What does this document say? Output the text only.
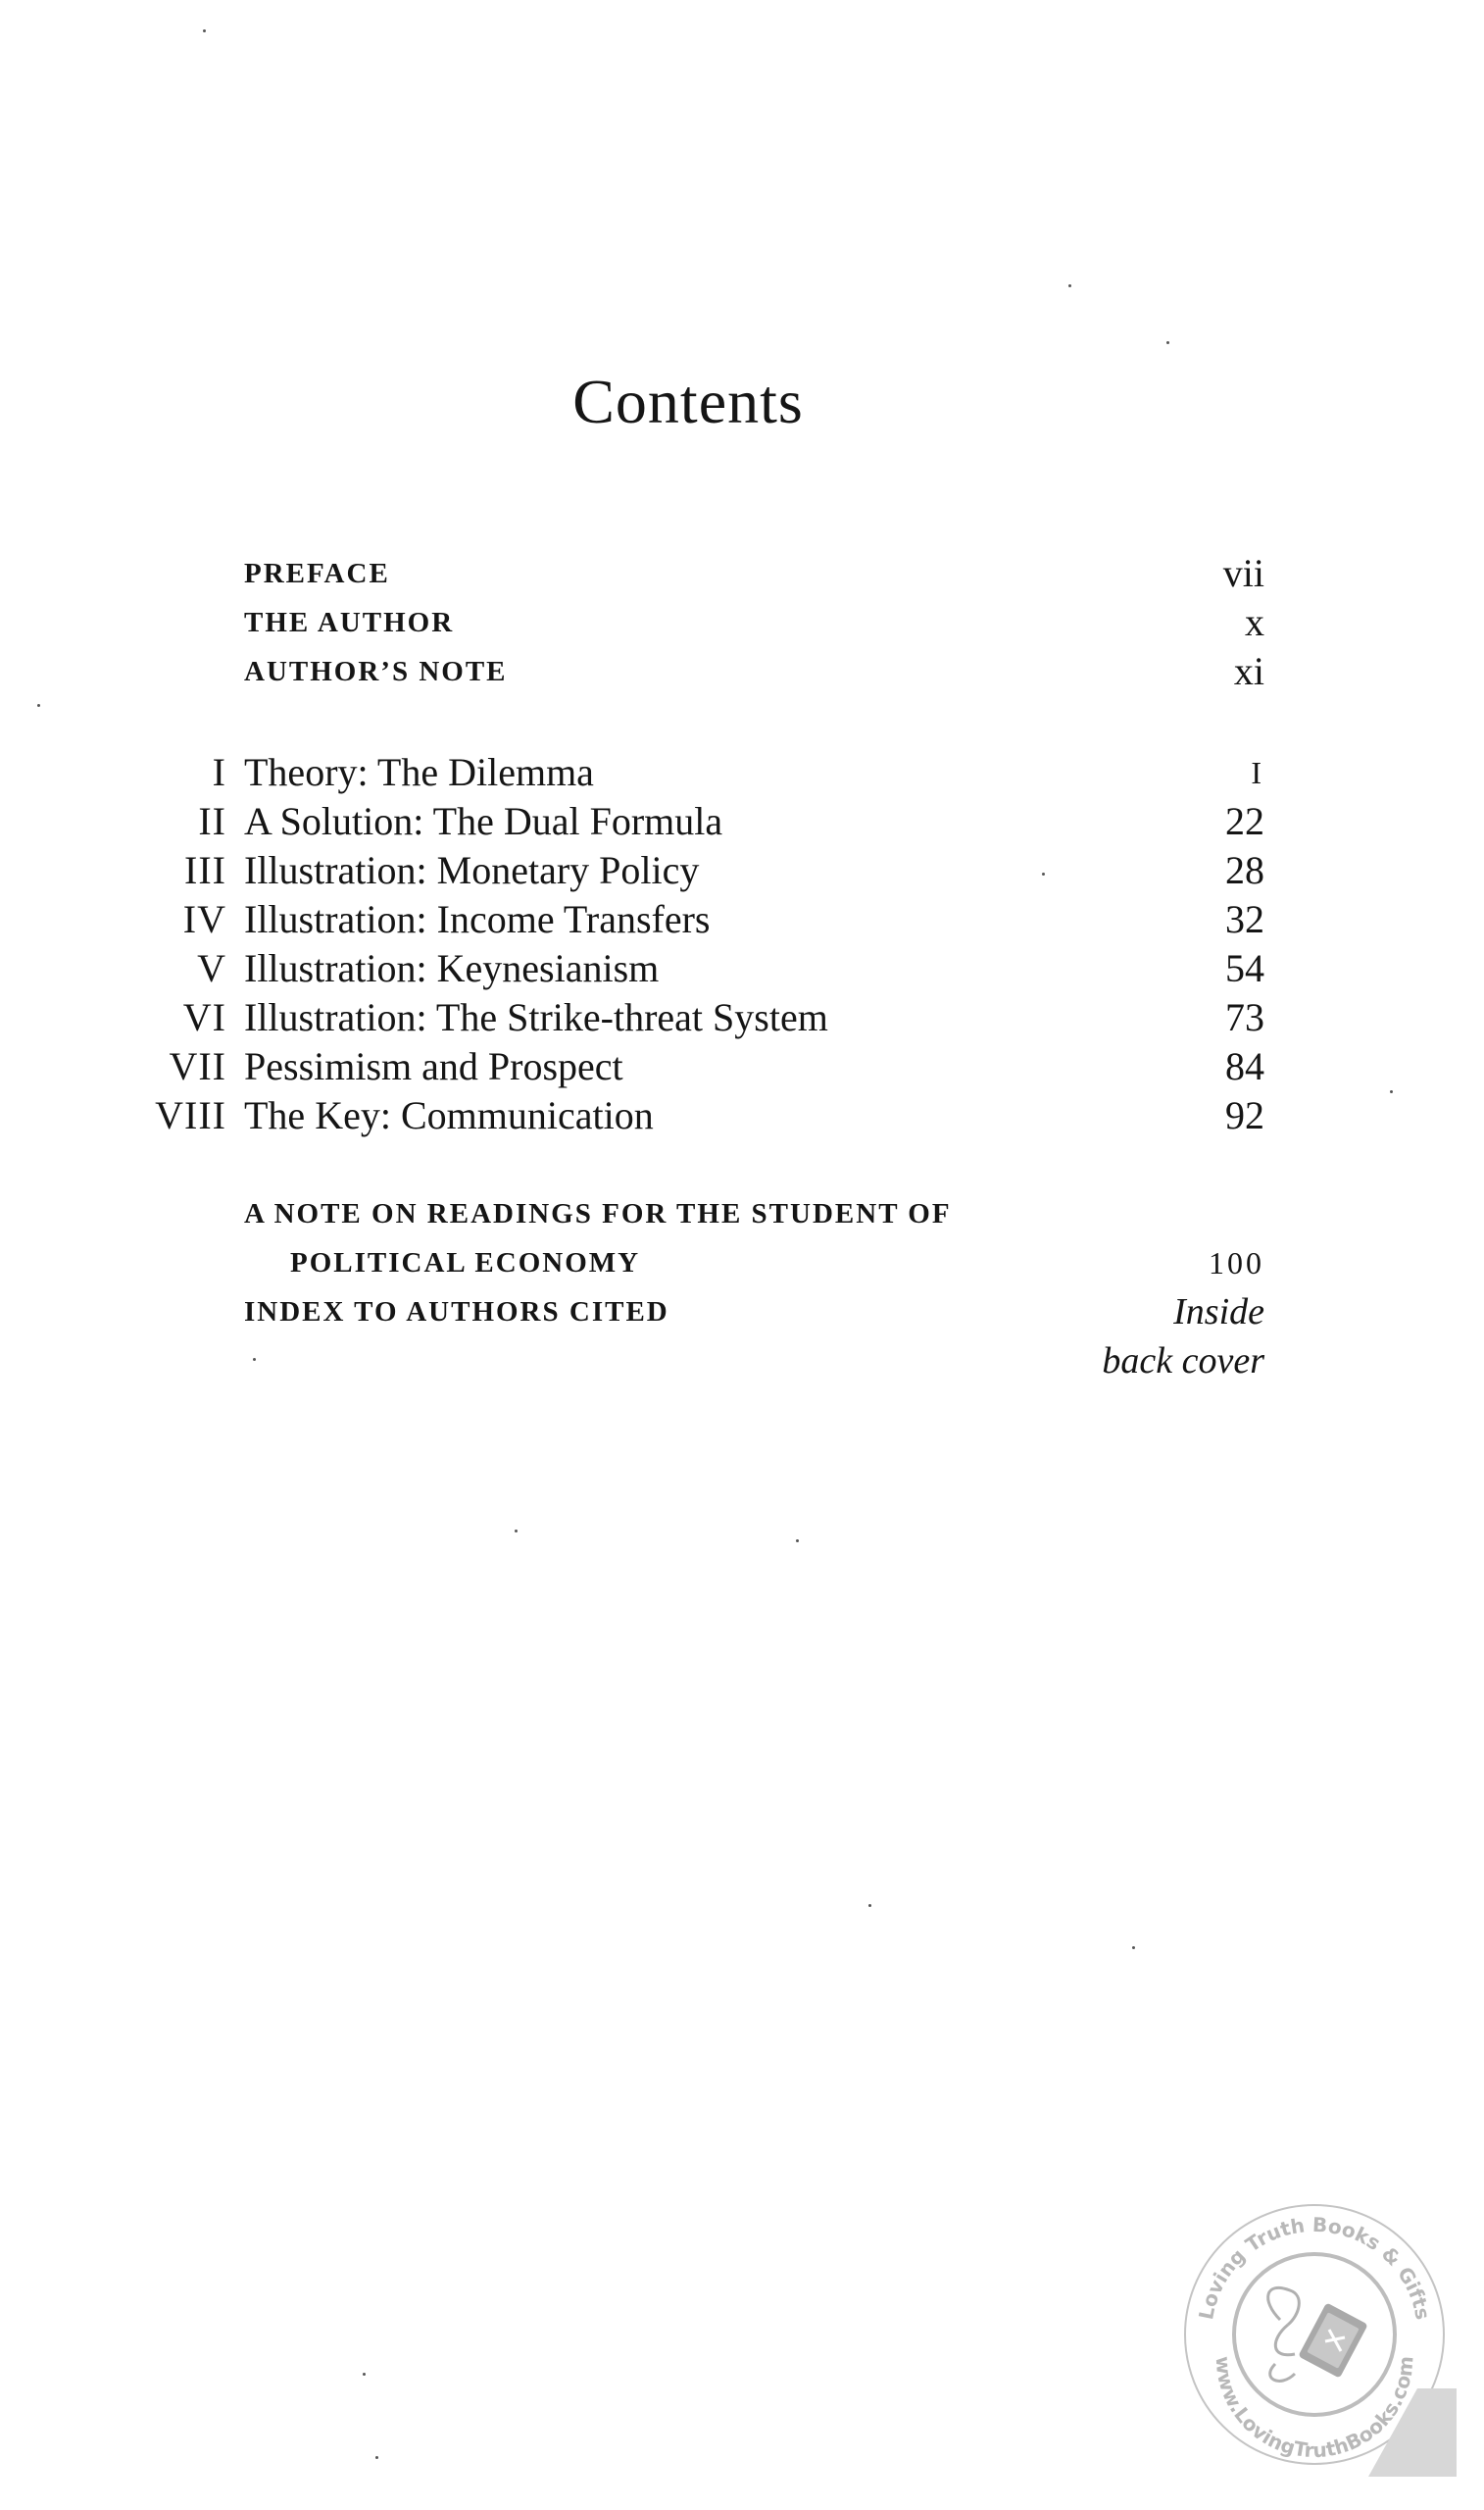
Contents
PREFACE	vii
THE AUTHOR	x
AUTHOR’S NOTE	xi
I Theory: The Dilemma	I
II A Solution: The Dual Formula	22
III Illustration: Monetary Policy	28
IV Illustration: Income Transfers	32
V Illustration: Keynesianism	54
VI Illustration: The Strike-threat System	73
VII Pessimism and Prospect	84
VIII The Key: Communication	92
A NOTE ON READINGS FOR THE STUDENT OF
POLITICAL ECONOMY	100
INDEX TO AUTHORS CITED	Inside
back cover
Loving Truth Books & Gifts
www.LovingTruthBooks.com
